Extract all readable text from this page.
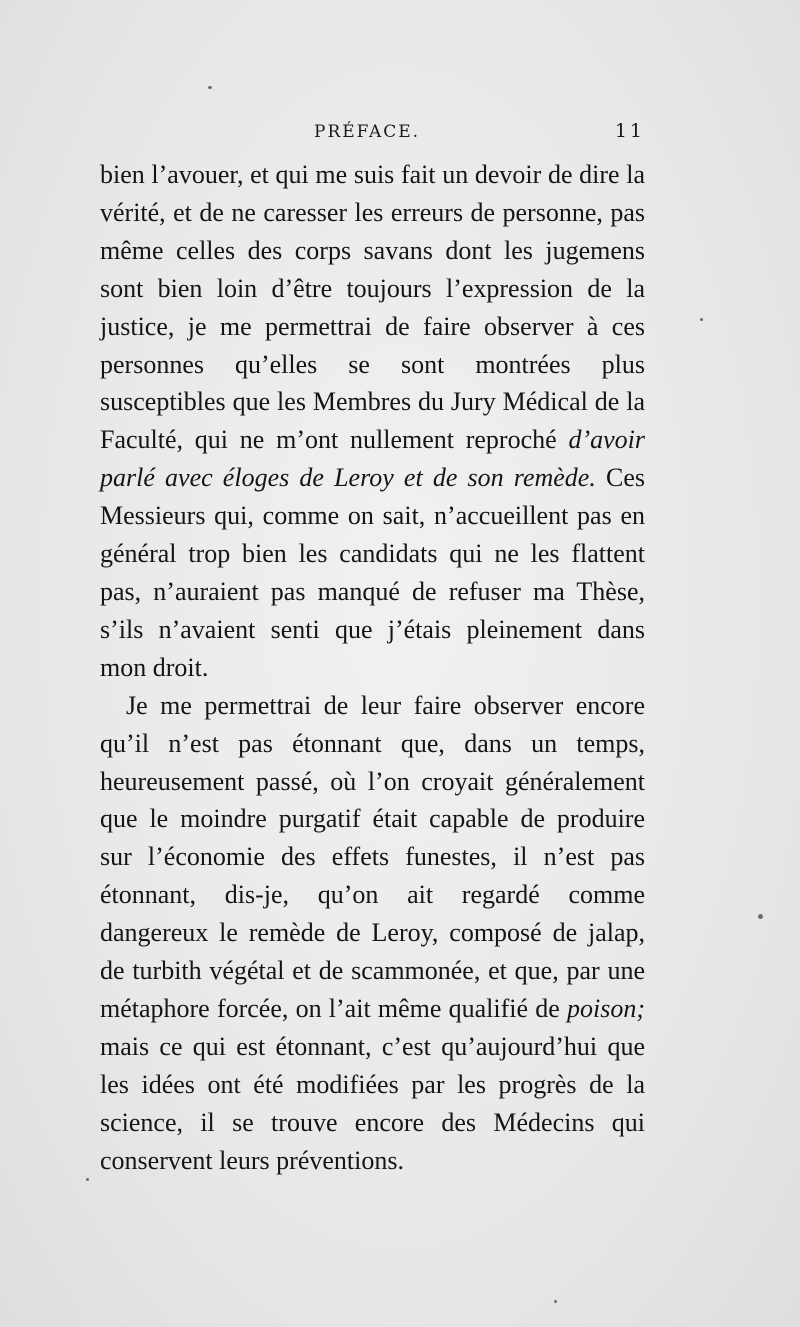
PRÉFACE.	11

bien l’avouer, et qui me suis fait un devoir de dire la vérité, et de ne caresser les erreurs de personne, pas même celles des corps savans dont les jugemens sont bien loin d’être toujours l’expression de la justice, je me permettrai de faire observer à ces personnes qu’elles se sont montrées plus susceptibles que les Membres du Jury Médical de la Faculté, qui ne m’ont nullement reproché d’avoir parlé avec éloges de Leroy et de son remède. Ces Messieurs qui, comme on sait, n’accueillent pas en général trop bien les candidats qui ne les flattent pas, n’auraient pas manqué de refuser ma Thèse, s’ils n’avaient senti que j’étais pleinement dans mon droit.

Je me permettrai de leur faire observer encore qu’il n’est pas étonnant que, dans un temps, heureusement passé, où l’on croyait généralement que le moindre purgatif était capable de produire sur l’économie des effets funestes, il n’est pas étonnant, dis-je, qu’on ait regardé comme dangereux le remède de Leroy, composé de jalap, de turbith végétal et de scammonée, et que, par une métaphore forcée, on l’ait même qualifié de poison; mais ce qui est étonnant, c’est qu’aujourd’hui que les idées ont été modifiées par les progrès de la science, il se trouve encore des Médecins qui conservent leurs préventions.
